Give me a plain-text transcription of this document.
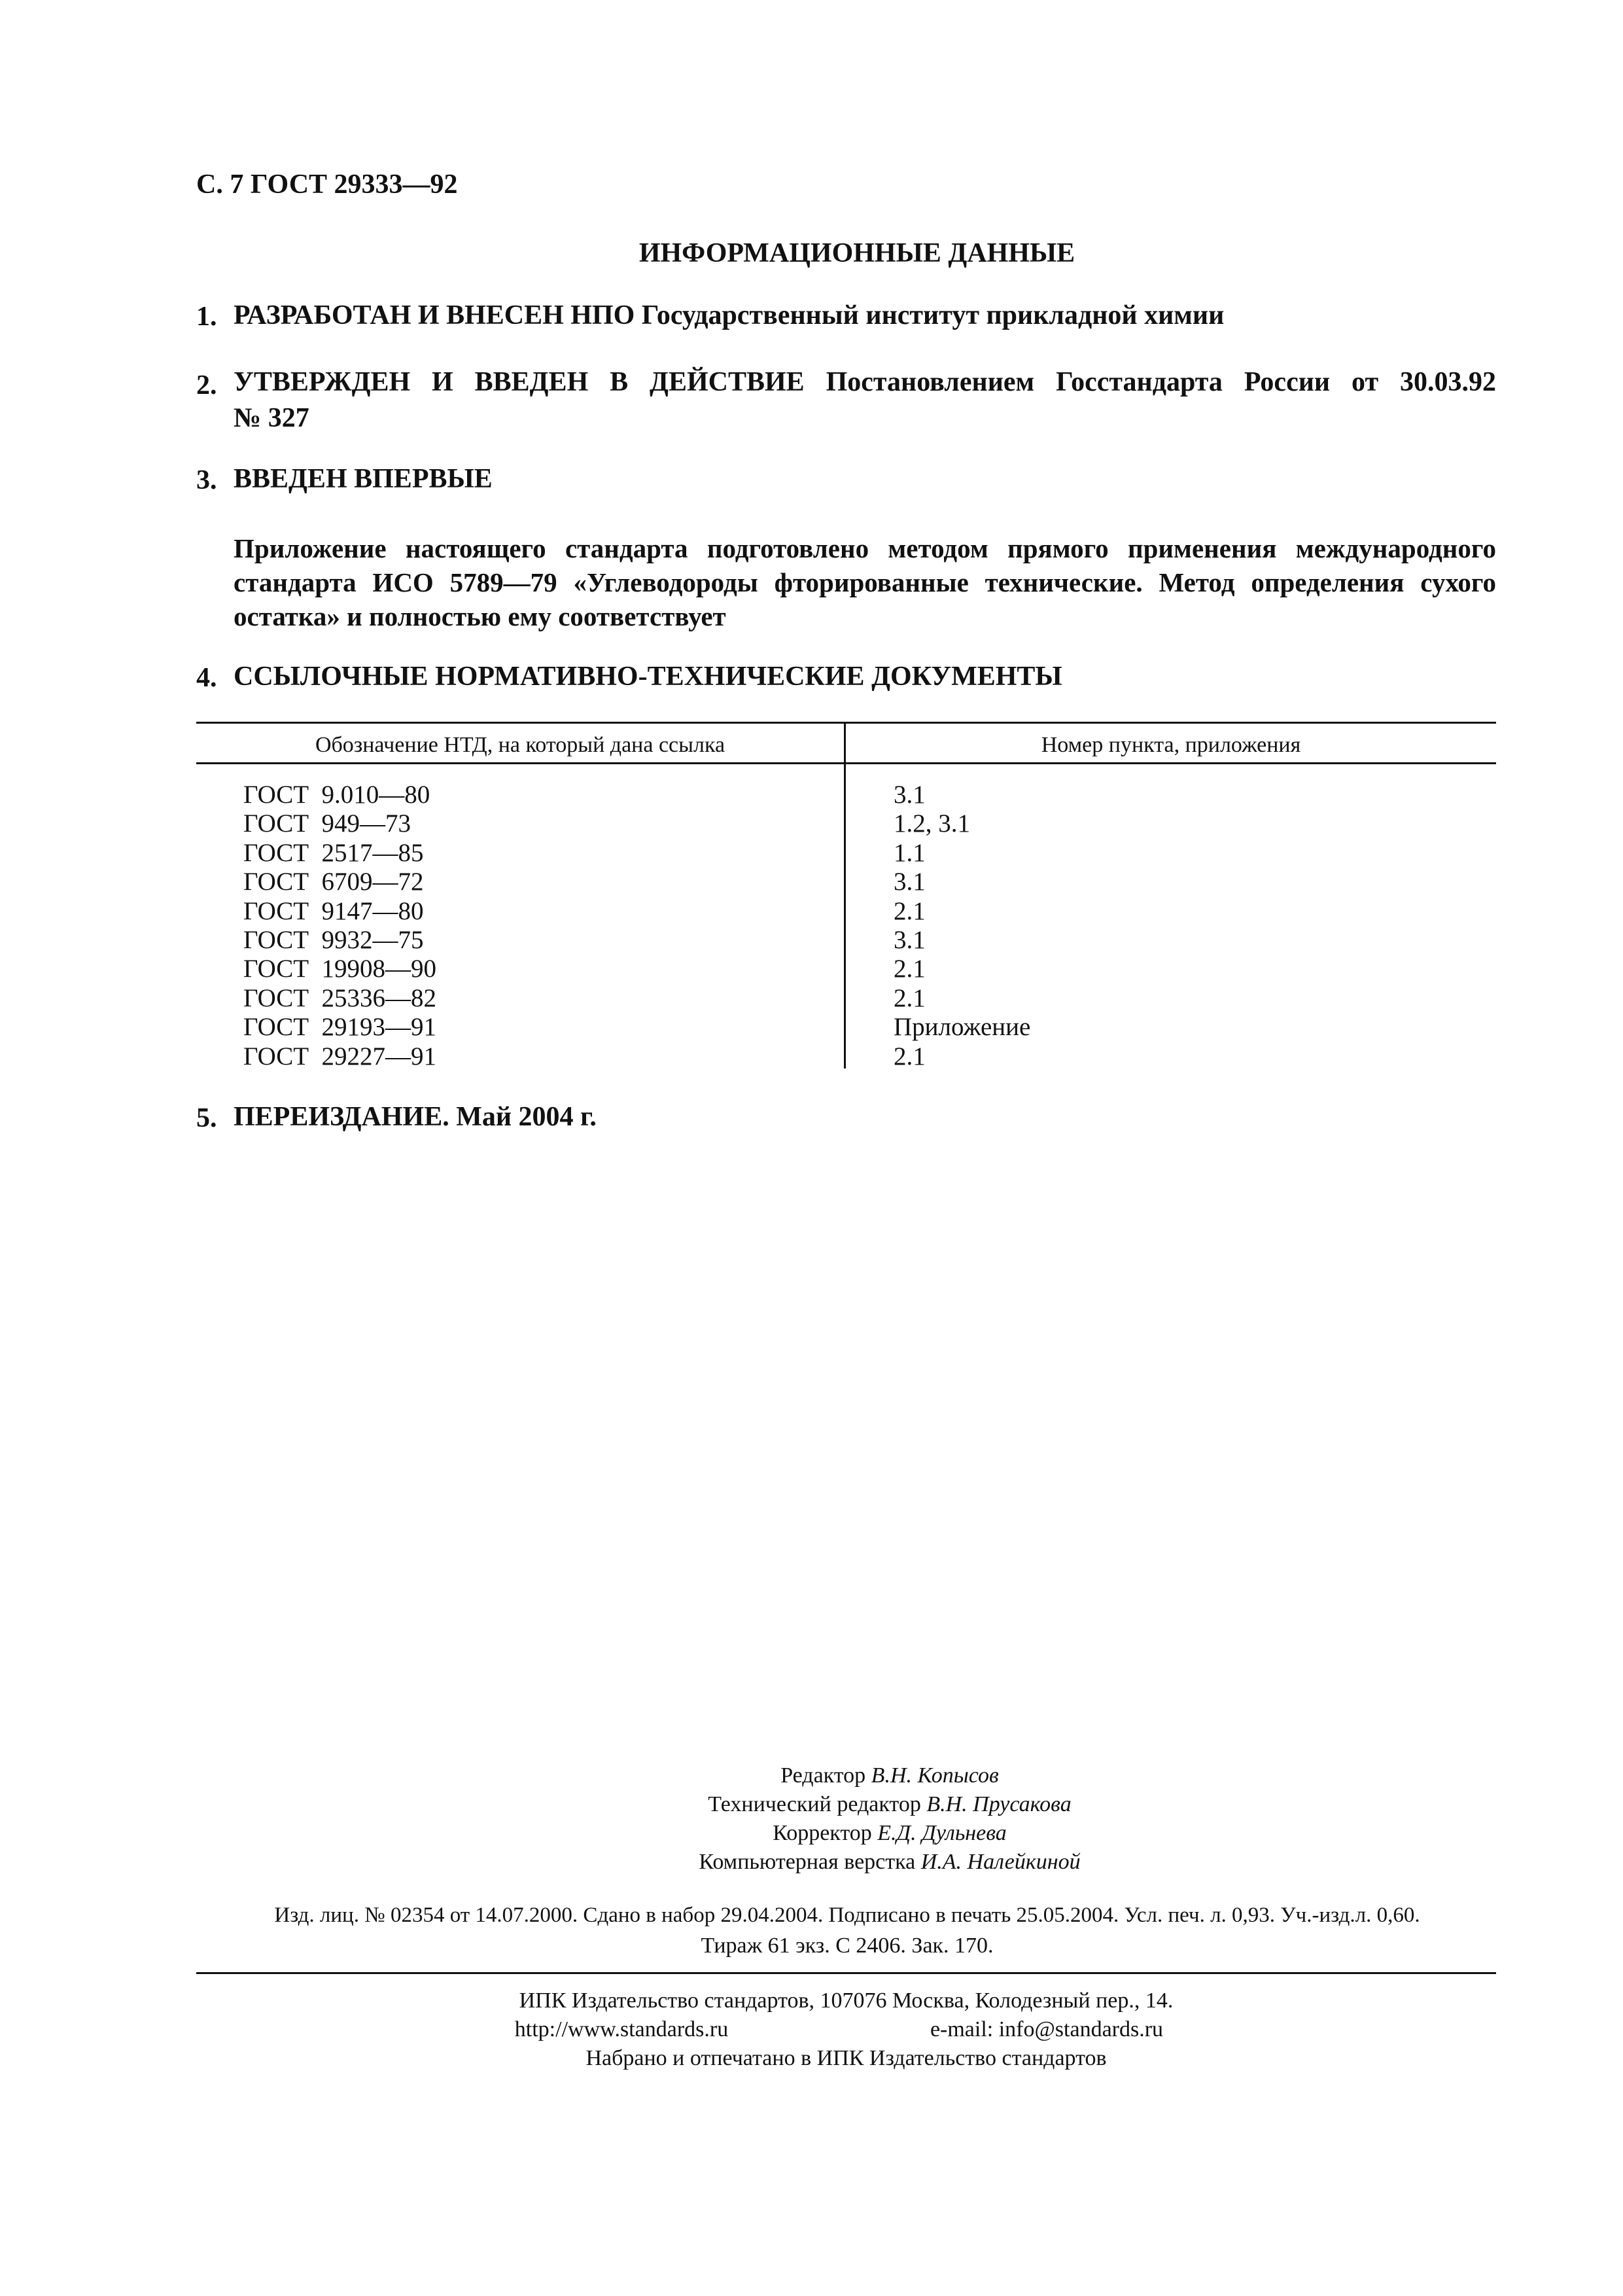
С. 7 ГОСТ 29333—92
ИНФОРМАЦИОННЫЕ ДАННЫЕ
1. РАЗРАБОТАН И ВНЕСЕН НПО Государственный институт прикладной химии
2. УТВЕРЖДЕН И ВВЕДЕН В ДЕЙСТВИЕ Постановлением Госстандарта России от 30.03.92
№ 327
3. ВВЕДЕН ВПЕРВЫЕ
Приложение настоящего стандарта подготовлено методом прямого применения международного
стандарта ИСО 5789—79 «Углеводороды фторированные технические. Метод определения сухого
остатка» и полностью ему соответствует
4. ССЫЛОЧНЫЕ НОРМАТИВНО-ТЕХНИЧЕСКИЕ ДОКУМЕНТЫ
Обозначение НТД, на который дана ссылка	Номер пункта, приложения
ГОСТ  9.010—80	3.1
ГОСТ  949—73	1.2, 3.1
ГОСТ  2517—85	1.1
ГОСТ  6709—72	3.1
ГОСТ  9147—80	2.1
ГОСТ  9932—75	3.1
ГОСТ  19908—90	2.1
ГОСТ  25336—82	2.1
ГОСТ  29193—91	Приложение
ГОСТ  29227—91	2.1
5. ПЕРЕИЗДАНИЕ. Май 2004 г.
Редактор В.Н. Копысов
Технический редактор В.Н. Прусакова
Корректор Е.Д. Дульнева
Компьютерная верстка И.А. Налейкиной
Изд. лиц. № 02354 от 14.07.2000. Сдано в набор 29.04.2004. Подписано в печать 25.05.2004. Усл. печ. л. 0,93. Уч.-изд.л. 0,60.
Тираж 61 экз. С 2406. Зак. 170.
ИПК Издательство стандартов, 107076 Москва, Колодезный пер., 14.
http://www.standards.ru	e-mail: info@standards.ru
Набрано и отпечатано в ИПК Издательство стандартов
